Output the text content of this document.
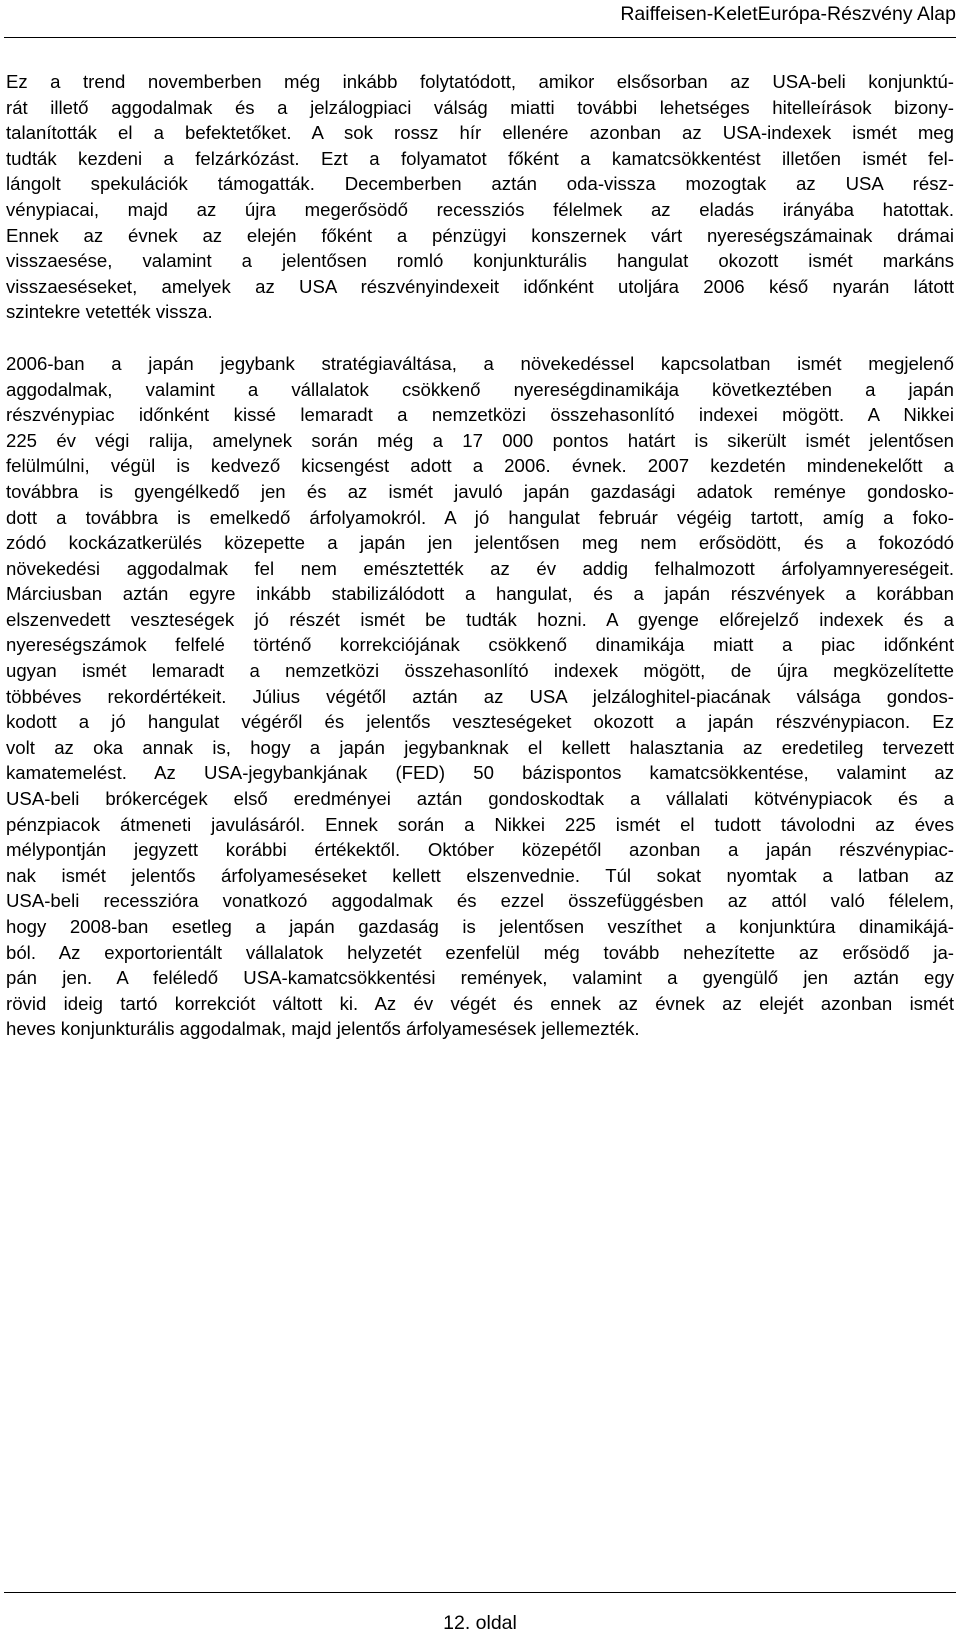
Raiffeisen-KeletEurópa-Részvény Alap
Ez a trend novemberben még inkább folytatódott, amikor elsősorban az USA-beli konjunktú-
rát illető aggodalmak és a jelzálogpiaci válság miatti további lehetséges hitelleírások bizony-
talanították el a befektetőket. A sok rossz hír ellenére azonban az USA-indexek ismét meg
tudták kezdeni a felzárkózást. Ezt a folyamatot főként a kamatcsökkentést illetően ismét fel-
lángolt spekulációk támogatták. Decemberben aztán oda-vissza mozogtak az USA rész-
vénypiacai, majd az újra megerősödő recessziós félelmek az eladás irányába hatottak.
Ennek az évnek az elején főként a pénzügyi konszernek várt nyereségszámainak drámai
visszaesése, valamint a jelentősen romló konjunkturális hangulat okozott ismét markáns
visszaeséseket, amelyek az USA részvényindexeit időnként utoljára 2006 késő nyarán látott
szintekre vetették vissza.
2006-ban a japán jegybank stratégiaváltása, a növekedéssel kapcsolatban ismét megjelenő
aggodalmak, valamint a vállalatok csökkenő nyereségdinamikája következtében a japán
részvénypiac időnként kissé lemaradt a nemzetközi összehasonlító indexei mögött. A Nikkei
225 év végi ralija, amelynek során még a 17 000 pontos határt is sikerült ismét jelentősen
felülmúlni, végül is kedvező kicsengést adott a 2006. évnek. 2007 kezdetén mindenekelőtt a
továbbra is gyengélkedő jen és az ismét javuló japán gazdasági adatok reménye gondosko-
dott a továbbra is emelkedő árfolyamokról. A jó hangulat február végéig tartott, amíg a foko-
zódó kockázatkerülés közepette a japán jen jelentősen meg nem erősödött, és a fokozódó
növekedési aggodalmak fel nem emésztették az év addig felhalmozott árfolyamnyereségeit.
Márciusban aztán egyre inkább stabilizálódott a hangulat, és a japán részvények a korábban
elszenvedett veszteségek jó részét ismét be tudták hozni. A gyenge előrejelző indexek és a
nyereségszámok felfelé történő korrekciójának csökkenő dinamikája miatt a piac időnként
ugyan ismét lemaradt a nemzetközi összehasonlító indexek mögött, de újra megközelítette
többéves rekordértékeit. Július végétől aztán az USA jelzáloghitel-piacának válsága gondos-
kodott a jó hangulat végéről és jelentős veszteségeket okozott a japán részvénypiacon. Ez
volt az oka annak is, hogy a japán jegybanknak el kellett halasztania az eredetileg tervezett
kamatemelést. Az USA-jegybankjának (FED) 50 bázispontos kamatcsökkentése, valamint az
USA-beli brókercégek első eredményei aztán gondoskodtak a vállalati kötvénypiacok és a
pénzpiacok átmeneti javulásáról. Ennek során a Nikkei 225 ismét el tudott távolodni az éves
mélypontján jegyzett korábbi értékektől. Október közepétől azonban a japán részvénypiac-
nak ismét jelentős árfolyameséseket kellett elszenvednie. Túl sokat nyomtak a latban az
USA-beli recesszióra vonatkozó aggodalmak és ezzel összefüggésben az attól való félelem,
hogy 2008-ban esetleg a japán gazdaság is jelentősen veszíthet a konjunktúra dinamikájá-
ból. Az exportorientált vállalatok helyzetét ezenfelül még tovább nehezítette az erősödő ja-
pán jen. A feléledő USA-kamatcsökkentési remények, valamint a gyengülő jen aztán egy
rövid ideig tartó korrekciót váltott ki. Az év végét és ennek az évnek az elejét azonban ismét
heves konjunkturális aggodalmak, majd jelentős árfolyamesések jellemezték.
12. oldal
